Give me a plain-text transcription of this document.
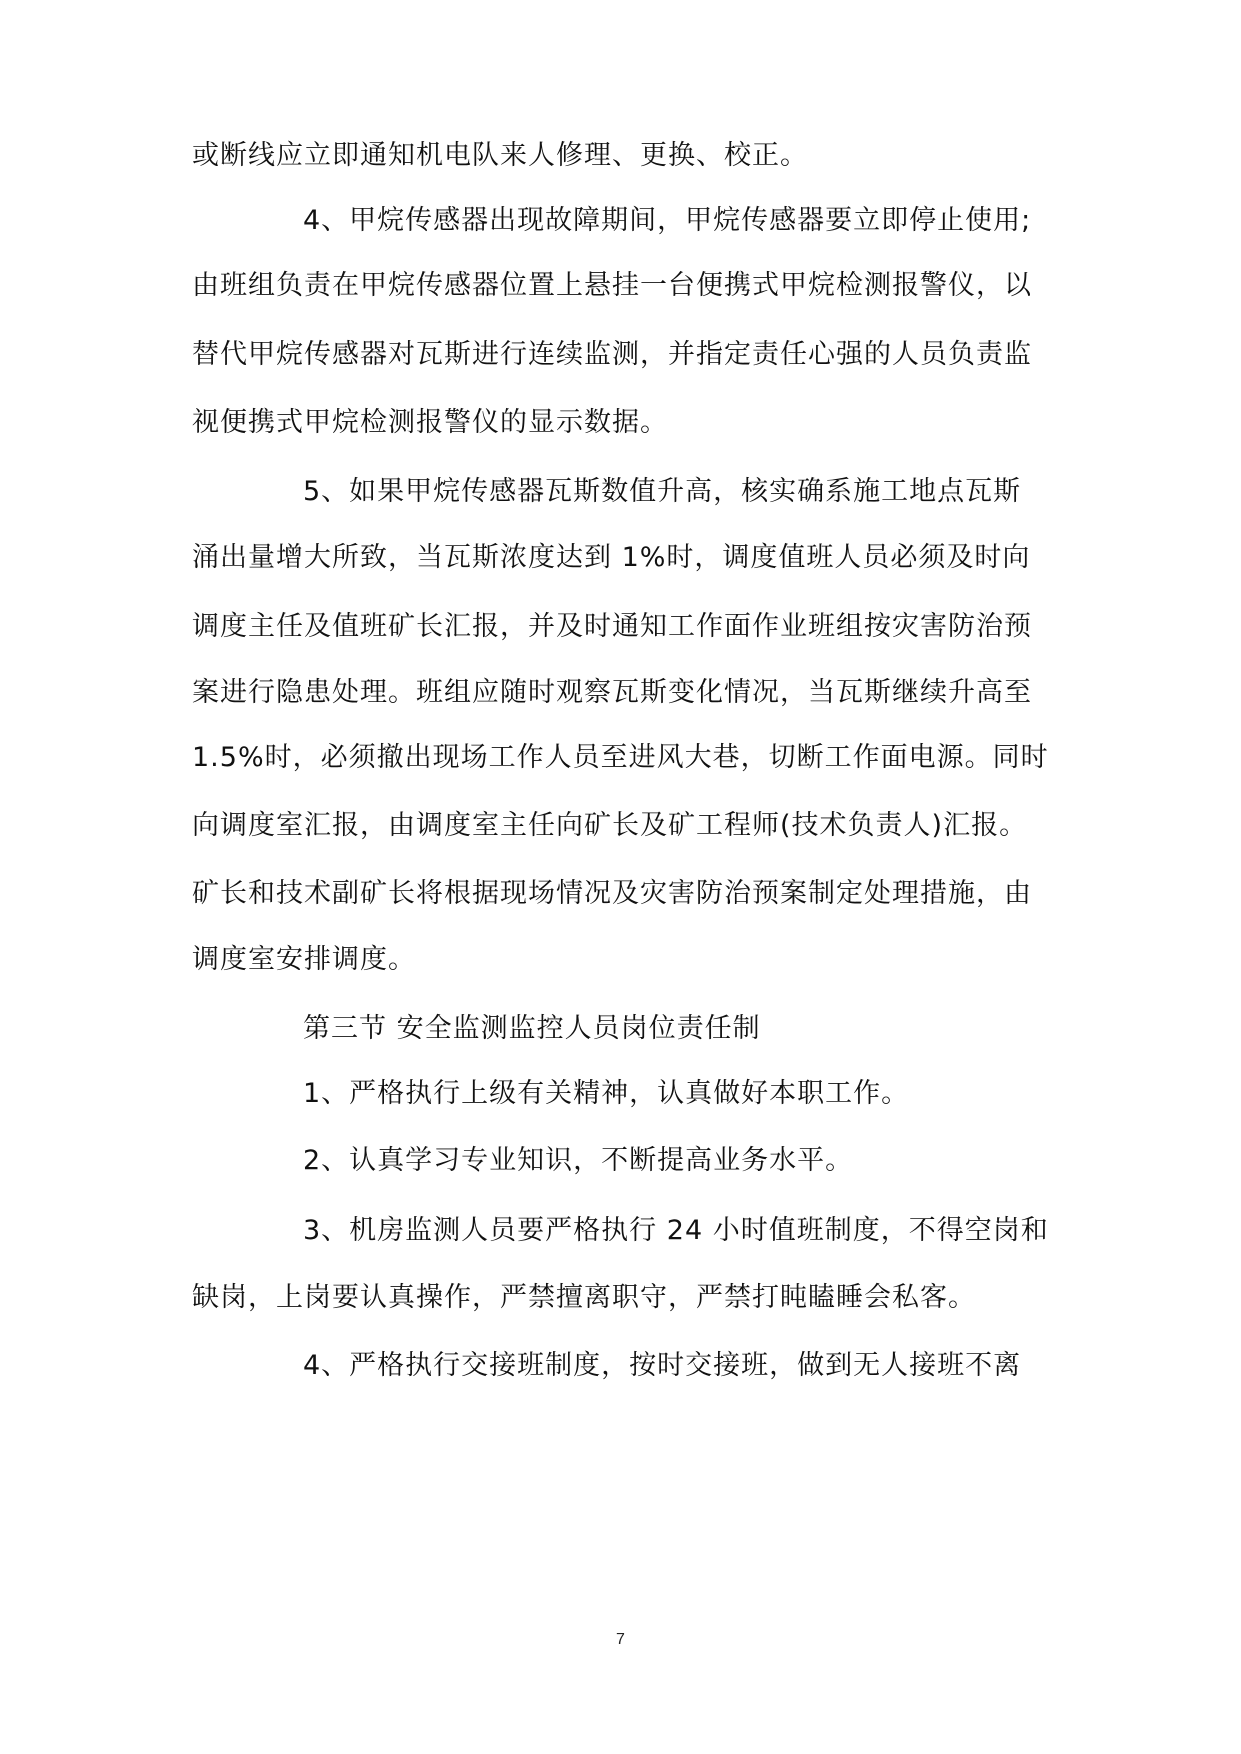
或断线应立即通知机电队来人修理、更换、校正。
4、甲烷传感器出现故障期间，甲烷传感器要立即停止使用;
由班组负责在甲烷传感器位置上悬挂一台便携式甲烷检测报警仪，以
替代甲烷传感器对瓦斯进行连续监测，并指定责任心强的人员负责监
视便携式甲烷检测报警仪的显示数据。
5、如果甲烷传感器瓦斯数值升高，核实确系施工地点瓦斯
涌出量增大所致，当瓦斯浓度达到 1%时，调度值班人员必须及时向
调度主任及值班矿长汇报，并及时通知工作面作业班组按灾害防治预
案进行隐患处理。班组应随时观察瓦斯变化情况，当瓦斯继续升高至
1.5%时，必须撤出现场工作人员至进风大巷，切断工作面电源。同时
向调度室汇报，由调度室主任向矿长及矿工程师(技术负责人)汇报。
矿长和技术副矿长将根据现场情况及灾害防治预案制定处理措施，由
调度室安排调度。
第三节 安全监测监控人员岗位责任制
1、严格执行上级有关精神，认真做好本职工作。
2、认真学习专业知识，不断提高业务水平。
3、机房监测人员要严格执行 24 小时值班制度，不得空岗和
缺岗，上岗要认真操作，严禁擅离职守，严禁打盹瞌睡会私客。
4、严格执行交接班制度，按时交接班，做到无人接班不离
7
